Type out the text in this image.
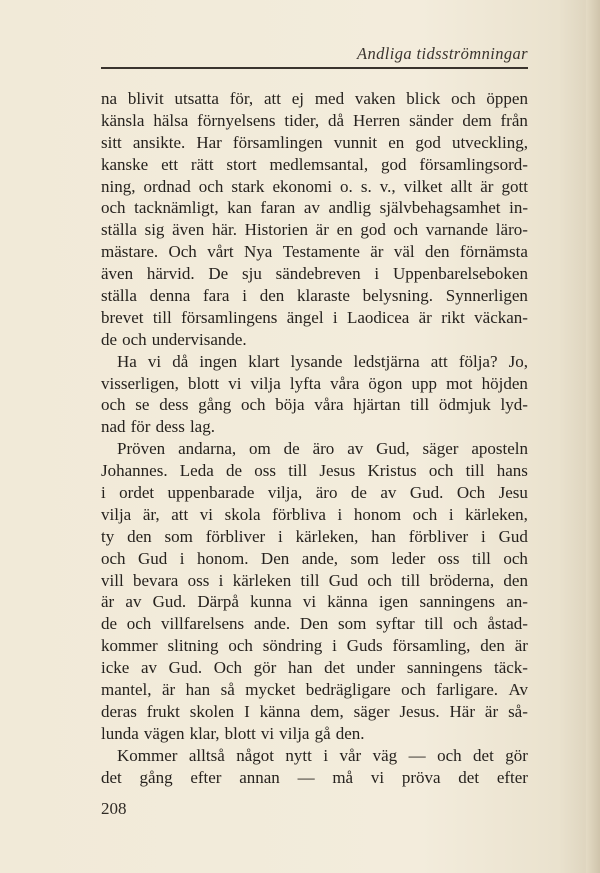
Andliga tidsströmningar
na blivit utsatta för, att ej med vaken blick och öppen
känsla hälsa förnyelsens tider, då Herren sänder dem från
sitt ansikte. Har församlingen vunnit en god utveckling,
kanske ett rätt stort medlemsantal, god församlingsord-
ning, ordnad och stark ekonomi o. s. v., vilket allt är gott
och tacknämligt, kan faran av andlig självbehagsamhet in-
ställa sig även här. Historien är en god och varnande läro-
mästare. Och vårt Nya Testamente är väl den förnämsta
även härvid. De sju sändebreven i Uppenbarelseboken
ställa denna fara i den klaraste belysning. Synnerligen
brevet till församlingens ängel i Laodicea är rikt väckan-
de och undervisande.
Ha vi då ingen klart lysande ledstjärna att följa? Jo,
visserligen, blott vi vilja lyfta våra ögon upp mot höjden
och se dess gång och böja våra hjärtan till ödmjuk lyd-
nad för dess lag.
Pröven andarna, om de äro av Gud, säger aposteln
Johannes. Leda de oss till Jesus Kristus och till hans
i ordet uppenbarade vilja, äro de av Gud. Och Jesu
vilja är, att vi skola förbliva i honom och i kärleken,
ty den som förbliver i kärleken, han förbliver i Gud
och Gud i honom. Den ande, som leder oss till och
vill bevara oss i kärleken till Gud och till bröderna, den
är av Gud. Därpå kunna vi känna igen sanningens an-
de och villfarelsens ande. Den som syftar till och åstad-
kommer slitning och söndring i Guds församling, den är
icke av Gud. Och gör han det under sanningens täck-
mantel, är han så mycket bedrägligare och farligare. Av
deras frukt skolen I känna dem, säger Jesus. Här är så-
lunda vägen klar, blott vi vilja gå den.
Kommer alltså något nytt i vår väg — och det gör
det gång efter annan — må vi pröva det efter
208
